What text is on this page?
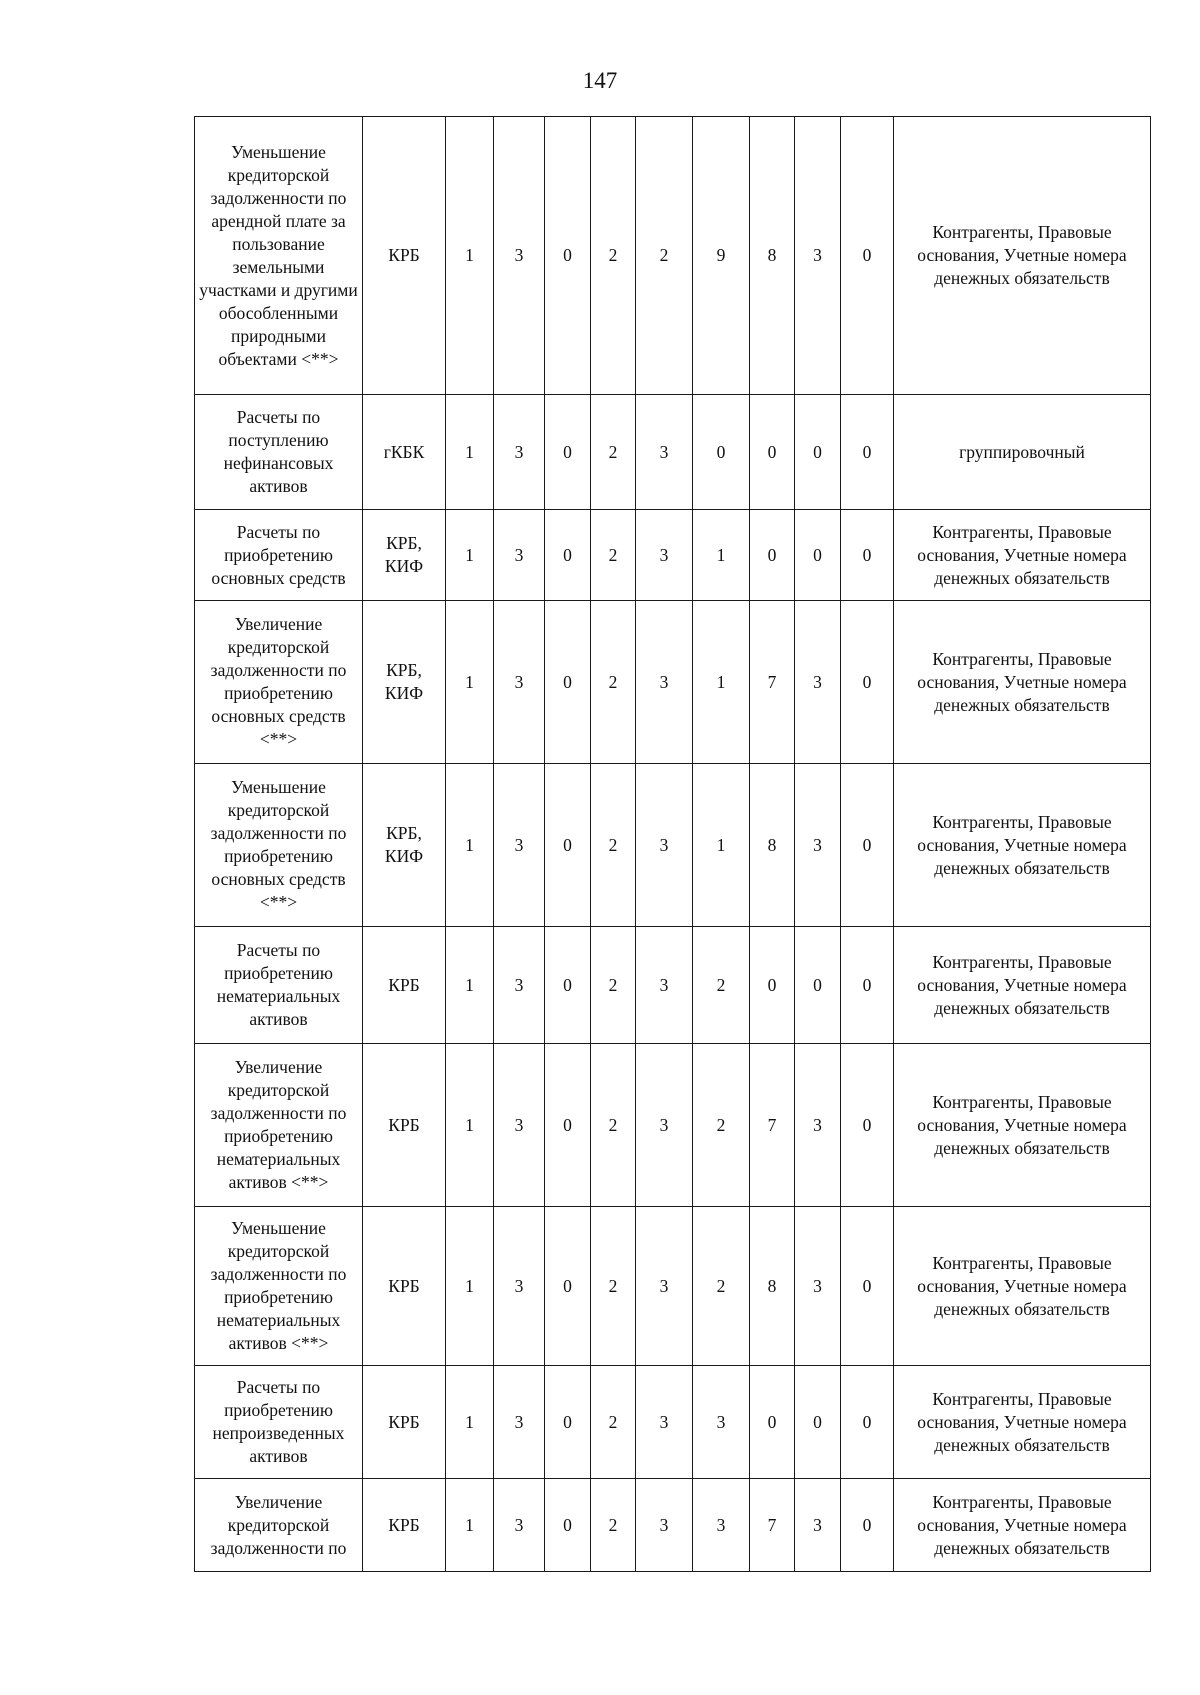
147
Уменьшение кредиторской задолженности по арендной плате за пользование земельными участками и другими обособленными природными объектами <**>	КРБ	1	3	0	2	2	9	8	3	0	Контрагенты, Правовые основания, Учетные номера денежных обязательств
Расчеты по поступлению нефинансовых активов	гКБК	1	3	0	2	3	0	0	0	0	группировочный
Расчеты по приобретению основных средств	КРБ, КИФ	1	3	0	2	3	1	0	0	0	Контрагенты, Правовые основания, Учетные номера денежных обязательств
Увеличение кредиторской задолженности по приобретению основных средств <**>	КРБ, КИФ	1	3	0	2	3	1	7	3	0	Контрагенты, Правовые основания, Учетные номера денежных обязательств
Уменьшение кредиторской задолженности по приобретению основных средств <**>	КРБ, КИФ	1	3	0	2	3	1	8	3	0	Контрагенты, Правовые основания, Учетные номера денежных обязательств
Расчеты по приобретению нематериальных активов	КРБ	1	3	0	2	3	2	0	0	0	Контрагенты, Правовые основания, Учетные номера денежных обязательств
Увеличение кредиторской задолженности по приобретению нематериальных активов <**>	КРБ	1	3	0	2	3	2	7	3	0	Контрагенты, Правовые основания, Учетные номера денежных обязательств
Уменьшение кредиторской задолженности по приобретению нематериальных активов <**>	КРБ	1	3	0	2	3	2	8	3	0	Контрагенты, Правовые основания, Учетные номера денежных обязательств
Расчеты по приобретению непроизведенных активов	КРБ	1	3	0	2	3	3	0	0	0	Контрагенты, Правовые основания, Учетные номера денежных обязательств
Увеличение кредиторской задолженности по	КРБ	1	3	0	2	3	3	7	3	0	Контрагенты, Правовые основания, Учетные номера денежных обязательств
